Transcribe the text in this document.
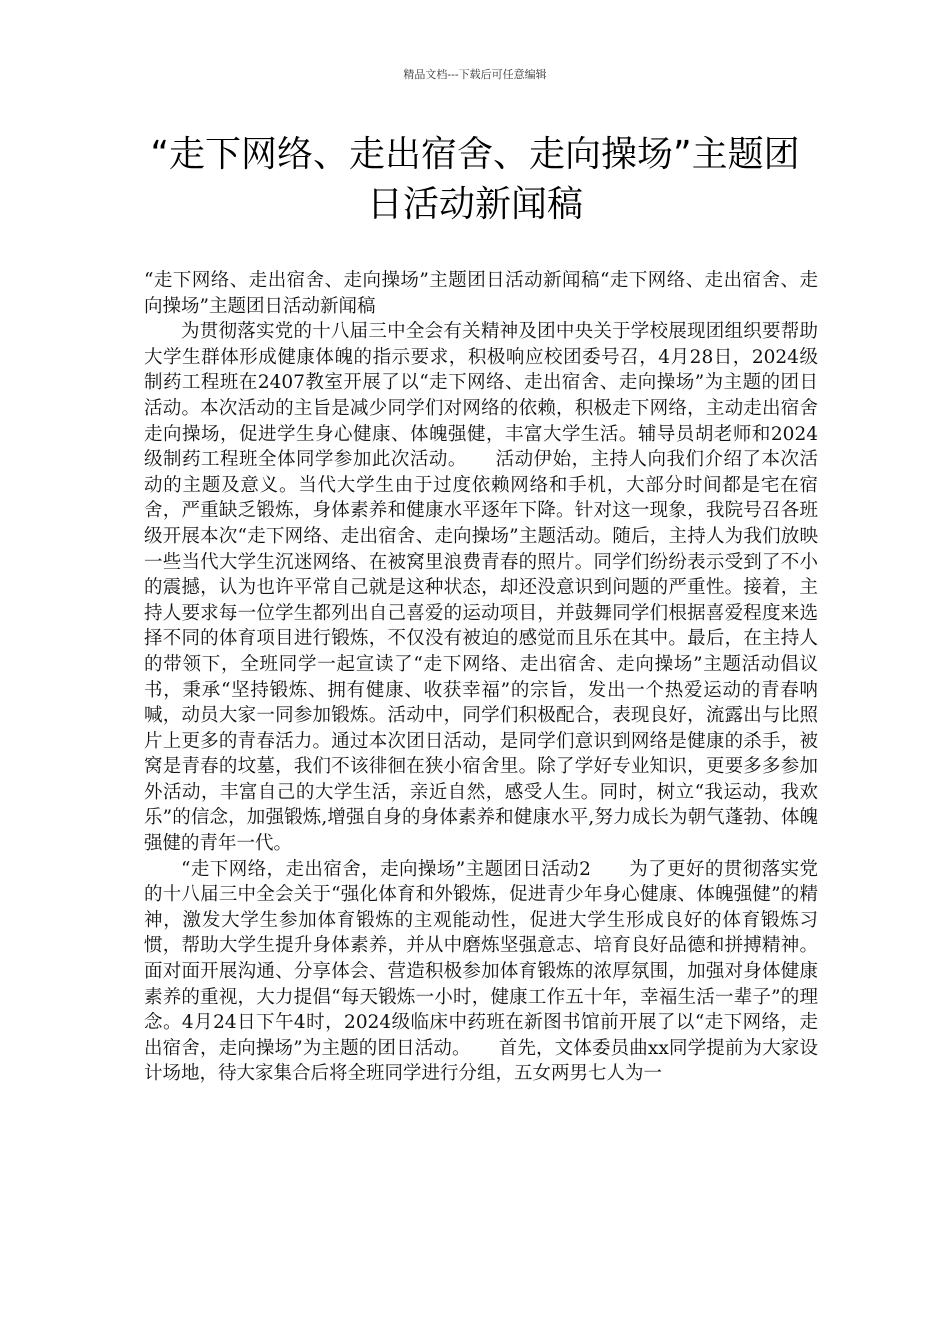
精品文档---下载后可任意编辑
“走下网络、走出宿舍、走向操场”主题团日活动新闻稿

“走下网络、走出宿舍、走向操场”主题团日活动新闻稿“走下网络、走出宿舍、走向操场”主题团日活动新闻稿

为贯彻落实党的十八届三中全会有关精神及团中央关于学校展现团组织要帮助大学生群体形成健康体魄的指示要求，积极响应校团委号召，4月28日，2024级制药工程班在2407教室开展了以“走下网络、走出宿舍、走向操场”为主题的团日活动。本次活动的主旨是减少同学们对网络的依赖，积极走下网络，主动走出宿舍走向操场，促进学生身心健康、体魄强健，丰富大学生活。辅导员胡老师和2024级制药工程班全体同学参加此次活动。　　活动伊始，主持人向我们介绍了本次活动的主题及意义。当代大学生由于过度依赖网络和手机，大部分时间都是宅在宿舍，严重缺乏锻炼，身体素养和健康水平逐年下降。针对这一现象，我院号召各班级开展本次“走下网络、走出宿舍、走向操场”主题活动。随后，主持人为我们放映一些当代大学生沉迷网络、在被窝里浪费青春的照片。同学们纷纷表示受到了不小的震撼，认为也许平常自己就是这种状态，却还没意识到问题的严重性。接着，主持人要求每一位学生都列出自己喜爱的运动项目，并鼓舞同学们根据喜爱程度来选择不同的体育项目进行锻炼，不仅没有被迫的感觉而且乐在其中。最后，在主持人的带领下，全班同学一起宣读了“走下网络、走出宿舍、走向操场”主题活动倡议书，秉承“坚持锻炼、拥有健康、收获幸福”的宗旨，发出一个热爱运动的青春呐喊，动员大家一同参加锻炼。活动中，同学们积极配合，表现良好，流露出与比照片上更多的青春活力。通过本次团日活动，是同学们意识到网络是健康的杀手，被窝是青春的坟墓，我们不该徘徊在狭小宿舍里。除了学好专业知识，更要多多参加外活动，丰富自己的大学生活，亲近自然，感受人生。同时，树立“我运动，我欢乐”的信念，加强锻炼,增强自身的身体素养和健康水平,努力成长为朝气蓬勃、体魄强健的青年一代。

“走下网络，走出宿舍，走向操场”主题团日活动2　　为了更好的贯彻落实党的十八届三中全会关于“强化体育和外锻炼，促进青少年身心健康、体魄强健”的精神，激发大学生参加体育锻炼的主观能动性，促进大学生形成良好的体育锻炼习惯，帮助大学生提升身体素养，并从中磨炼坚强意志、培育良好品德和拼搏精神。面对面开展沟通、分享体会、营造积极参加体育锻炼的浓厚氛围，加强对身体健康素养的重视，大力提倡“每天锻炼一小时，健康工作五十年，幸福生活一辈子”的理念。4月24日下午4时，2024级临床中药班在新图书馆前开展了以“走下网络，走出宿舍，走向操场”为主题的团日活动。　　首先，文体委员曲xx同学提前为大家设计场地，待大家集合后将全班同学进行分组，五女两男七人为一
